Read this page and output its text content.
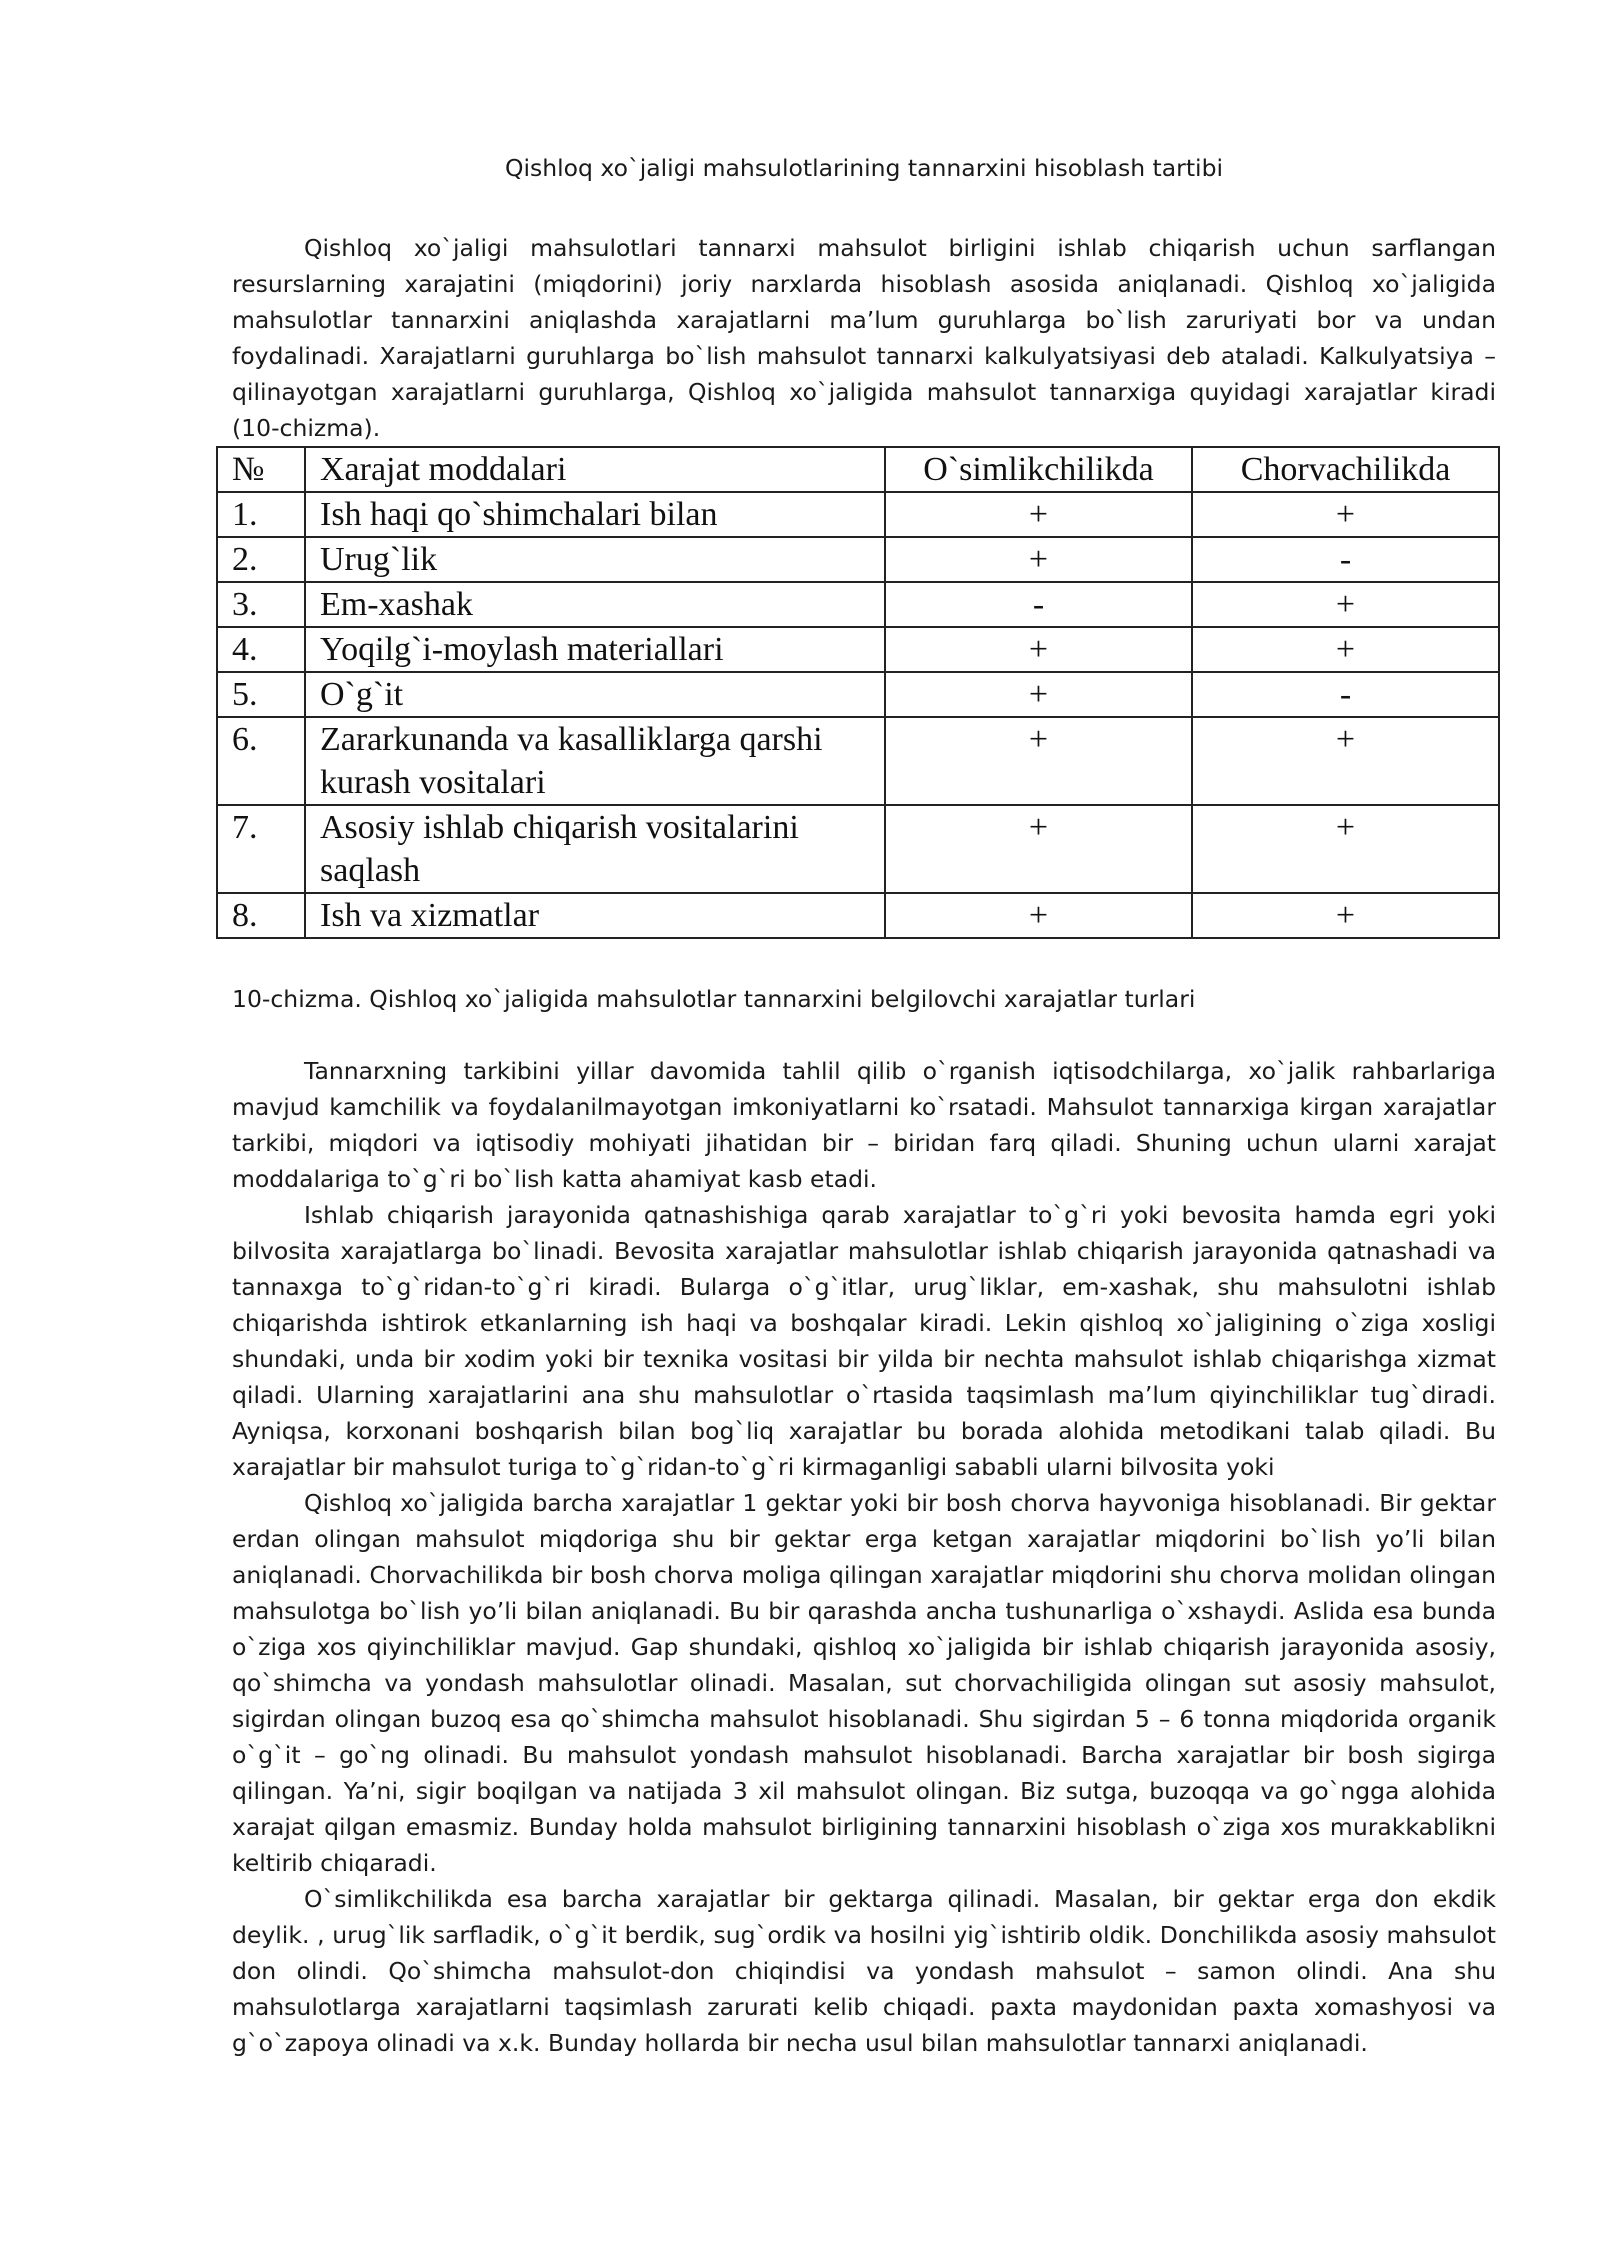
Qishloq xo`jaligi mahsulotlarining tannarxini hisoblash tartibi

Qishloq xo`jaligi mahsulotlari tannarxi mahsulot birligini ishlab chiqarish uchun sarflangan resurslarning xarajatini (miqdorini) joriy narxlarda hisoblash asosida aniqlanadi. Qishloq xo`jaligida mahsulotlar tannarxini aniqlashda xarajatlarni ma’lum guruhlarga bo`lish zaruriyati bor va undan foydalinadi. Xarajatlarni guruhlarga bo`lish mahsulot tannarxi kalkulyatsiyasi deb ataladi. Kalkulyatsiya – qilinayotgan xarajatlarni guruhlarga, Qishloq xo`jaligida mahsulot tannarxiga quyidagi xarajatlar kiradi (10-chizma).

№	Xarajat moddalari	O`simlikchilikda	Chorvachilikda
1.	Ish haqi qo`shimchalari bilan	+	+
2.	Urug`lik	+	-
3.	Em-xashak	-	+
4.	Yoqilg`i-moylash materiallari	+	+
5.	O`g`it	+	-
6.	Zararkunanda va kasalliklarga qarshi kurash vositalari	+	+
7.	Asosiy ishlab chiqarish vositalarini saqlash	+	+
8.	Ish va xizmatlar	+	+

10-chizma. Qishloq xo`jaligida mahsulotlar tannarxini belgilovchi xarajatlar turlari

Tannarxning tarkibini yillar davomida tahlil qilib o`rganish iqtisodchilarga, xo`jalik rahbarlariga mavjud kamchilik va foydalanilmayotgan imkoniyatlarni ko`rsatadi. Mahsulot tannarxiga kirgan xarajatlar tarkibi, miqdori va iqtisodiy mohiyati jihatidan bir – biridan farq qiladi. Shuning uchun ularni xarajat moddalariga to`g`ri bo`lish katta ahamiyat kasb etadi.

Ishlab chiqarish jarayonida qatnashishiga qarab xarajatlar to`g`ri yoki bevosita hamda egri yoki bilvosita xarajatlarga bo`linadi. Bevosita xarajatlar mahsulotlar ishlab chiqarish jarayonida qatnashadi va tannaxga to`g`ridan-to`g`ri kiradi. Bularga o`g`itlar, urug`liklar, em-xashak, shu mahsulotni ishlab chiqarishda ishtirok etkanlarning ish haqi va boshqalar kiradi. Lekin qishloq xo`jaligining o`ziga xosligi shundaki, unda bir xodim yoki bir texnika vositasi bir yilda bir nechta mahsulot ishlab chiqarishga xizmat qiladi. Ularning xarajatlarini ana shu mahsulotlar o`rtasida taqsimlash ma’lum qiyinchiliklar tug`diradi. Ayniqsa, korxonani boshqarish bilan bog`liq xarajatlar bu borada alohida metodikani talab qiladi. Bu xarajatlar bir mahsulot turiga to`g`ridan-to`g`ri kirmaganligi sababli ularni bilvosita yoki

Qishloq xo`jaligida barcha xarajatlar 1 gektar yoki bir bosh chorva hayvoniga hisoblanadi. Bir gektar erdan olingan mahsulot miqdoriga shu bir gektar erga ketgan xarajatlar miqdorini bo`lish yo’li bilan aniqlanadi. Chorvachilikda bir bosh chorva moliga qilingan xarajatlar miqdorini shu chorva molidan olingan mahsulotga bo`lish yo’li bilan aniqlanadi. Bu bir qarashda ancha tushunarliga o`xshaydi. Aslida esa bunda o`ziga xos qiyinchiliklar mavjud. Gap shundaki, qishloq xo`jaligida bir ishlab chiqarish jarayonida asosiy, qo`shimcha va yondash mahsulotlar olinadi. Masalan, sut chorvachiligida olingan sut asosiy mahsulot, sigirdan olingan buzoq esa qo`shimcha mahsulot hisoblanadi. Shu sigirdan 5 – 6 tonna miqdorida organik o`g`it – go`ng olinadi. Bu mahsulot yondash mahsulot hisoblanadi. Barcha xarajatlar bir bosh sigirga qilingan. Ya’ni, sigir boqilgan va natijada 3 xil mahsulot olingan. Biz sutga, buzoqqa va go`ngga alohida xarajat qilgan emasmiz. Bunday holda mahsulot birligining tannarxini hisoblash o`ziga xos murakkablikni keltirib chiqaradi.

O`simlikchilikda esa barcha xarajatlar bir gektarga qilinadi. Masalan, bir gektar erga don ekdik deylik. , urug`lik sarfladik, o`g`it berdik, sug`ordik va hosilni yig`ishtirib oldik. Donchilikda asosiy mahsulot don olindi. Qo`shimcha mahsulot-don chiqindisi va yondash mahsulot – samon olindi. Ana shu mahsulotlarga xarajatlarni taqsimlash zarurati kelib chiqadi. paxta maydonidan paxta xomashyosi va g`o`zapoya olinadi va x.k. Bunday hollarda bir necha usul bilan mahsulotlar tannarxi aniqlanadi.
